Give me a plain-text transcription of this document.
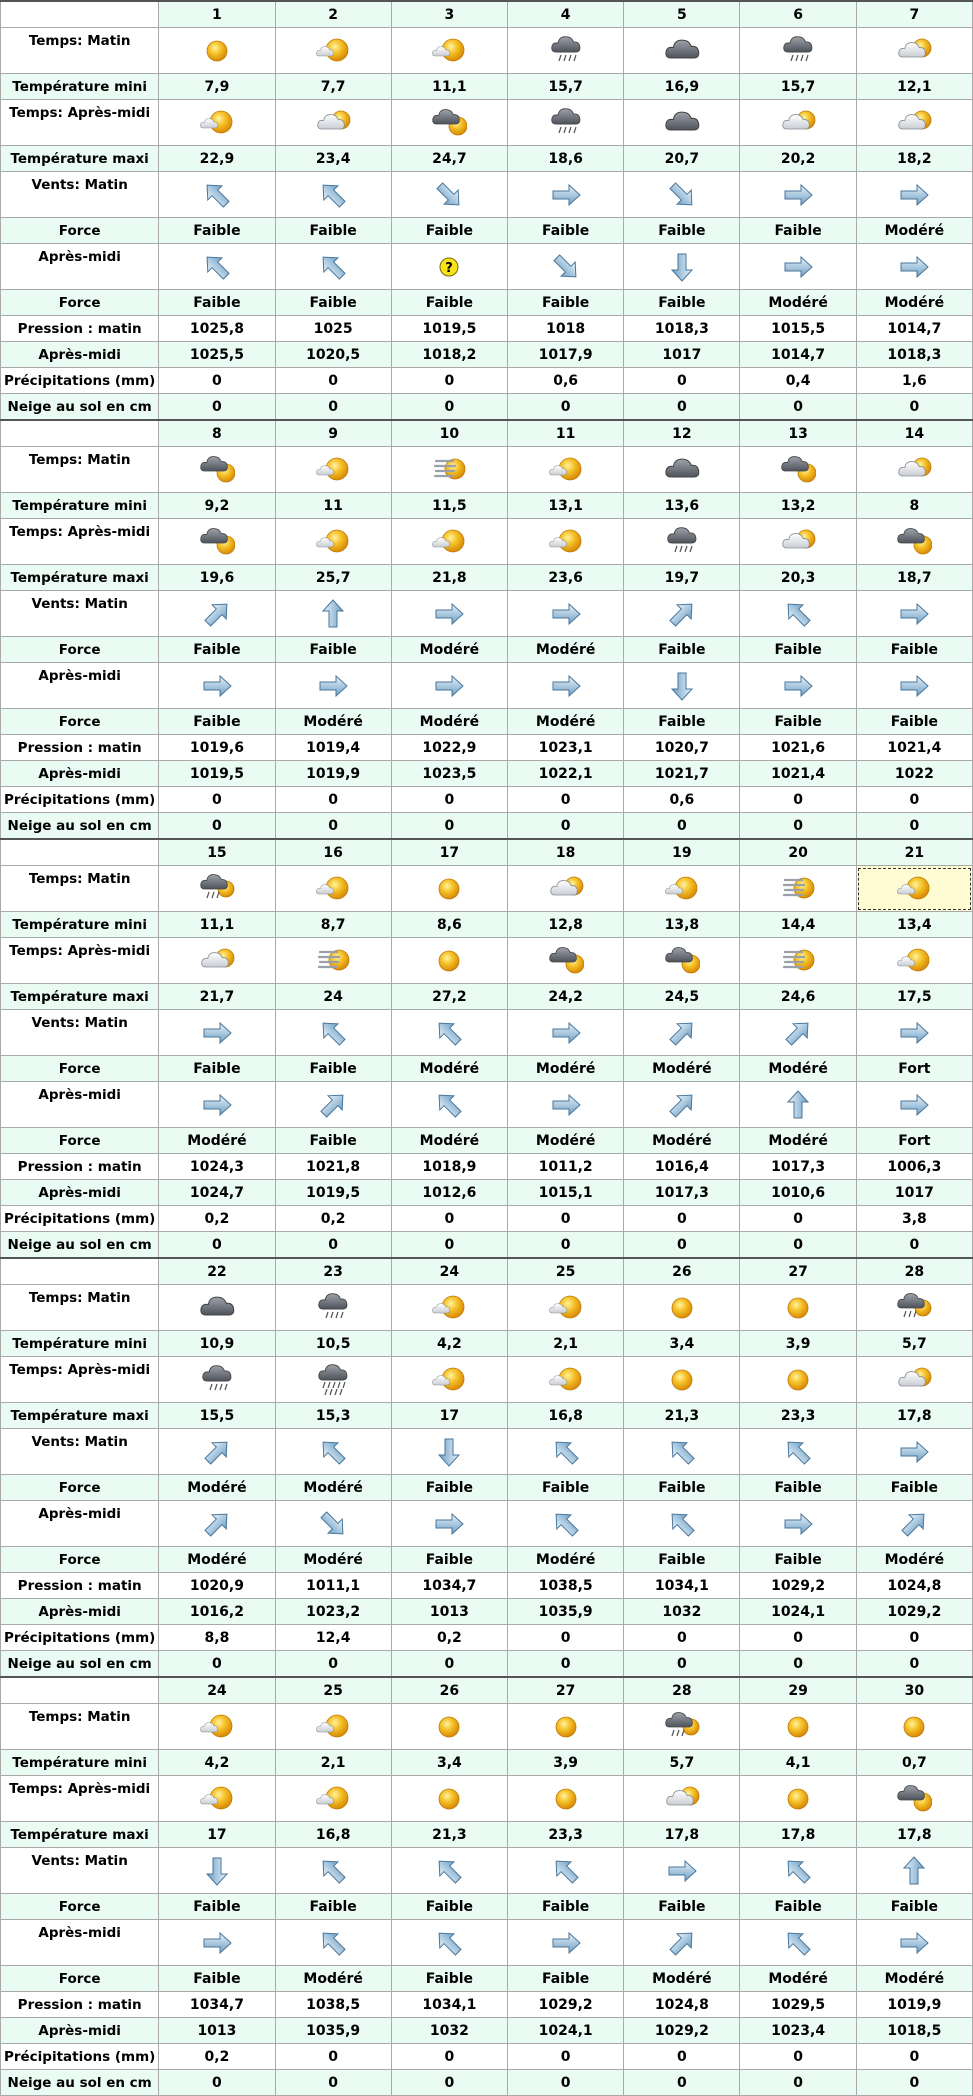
	1	2	3	4	5	6	7
Temps: Matin							
Température mini	7,9	7,7	11,1	15,7	16,9	15,7	12,1
Temps: Après-midi							
Température maxi	22,9	23,4	24,7	18,6	20,7	20,2	18,2
Vents: Matin							
Force	Faible	Faible	Faible	Faible	Faible	Faible	Modéré
Après-midi			?

Force	Faible	Faible	Faible	Faible	Faible	Modéré	Modéré
Pression : matin	1025,8	1025	1019,5	1018	1018,3	1015,5	1014,7
Après-midi	1025,5	1020,5	1018,2	1017,9	1017	1014,7	1018,3
Précipitations (mm)	0	0	0	0,6	0	0,4	1,6
Neige au sol en cm	0	0	0	0	0	0	0
	8	9	10	11	12	13	14
Temps: Matin							
Température mini	9,2	11	11,5	13,1	13,6	13,2	8
Temps: Après-midi							
Température maxi	19,6	25,7	21,8	23,6	19,7	20,3	18,7
Vents: Matin							
Force	Faible	Faible	Modéré	Modéré	Faible	Faible	Faible
Après-midi							
Force	Faible	Modéré	Modéré	Modéré	Faible	Faible	Faible
Pression : matin	1019,6	1019,4	1022,9	1023,1	1020,7	1021,6	1021,4
Après-midi	1019,5	1019,9	1023,5	1022,1	1021,7	1021,4	1022
Précipitations (mm)	0	0	0	0	0,6	0	0
Neige au sol en cm	0	0	0	0	0	0	0
	15	16	17	18	19	20	21
Temps: Matin							
Température mini	11,1	8,7	8,6	12,8	13,8	14,4	13,4
Temps: Après-midi							
Température maxi	21,7	24	27,2	24,2	24,5	24,6	17,5
Vents: Matin							
Force	Faible	Faible	Modéré	Modéré	Modéré	Modéré	Fort
Après-midi							
Force	Modéré	Faible	Modéré	Modéré	Modéré	Modéré	Fort
Pression : matin	1024,3	1021,8	1018,9	1011,2	1016,4	1017,3	1006,3
Après-midi	1024,7	1019,5	1012,6	1015,1	1017,3	1010,6	1017
Précipitations (mm)	0,2	0,2	0	0	0	0	3,8
Neige au sol en cm	0	0	0	0	0	0	0
	22	23	24	25	26	27	28
Temps: Matin							
Température mini	10,9	10,5	4,2	2,1	3,4	3,9	5,7
Temps: Après-midi							
Température maxi	15,5	15,3	17	16,8	21,3	23,3	17,8
Vents: Matin							
Force	Modéré	Modéré	Faible	Faible	Faible	Faible	Faible
Après-midi							
Force	Modéré	Modéré	Faible	Modéré	Faible	Faible	Modéré
Pression : matin	1020,9	1011,1	1034,7	1038,5	1034,1	1029,2	1024,8
Après-midi	1016,2	1023,2	1013	1035,9	1032	1024,1	1029,2
Précipitations (mm)	8,8	12,4	0,2	0	0	0	0
Neige au sol en cm	0	0	0	0	0	0	0
	24	25	26	27	28	29	30
Temps: Matin							
Température mini	4,2	2,1	3,4	3,9	5,7	4,1	0,7
Temps: Après-midi							
Température maxi	17	16,8	21,3	23,3	17,8	17,8	17,8
Vents: Matin							
Force	Faible	Faible	Faible	Faible	Faible	Faible	Faible
Après-midi							
Force	Faible	Modéré	Faible	Faible	Modéré	Modéré	Modéré
Pression : matin	1034,7	1038,5	1034,1	1029,2	1024,8	1029,5	1019,9
Après-midi	1013	1035,9	1032	1024,1	1029,2	1023,4	1018,5
Précipitations (mm)	0,2	0	0	0	0	0	0
Neige au sol en cm	0	0	0	0	0	0	0
